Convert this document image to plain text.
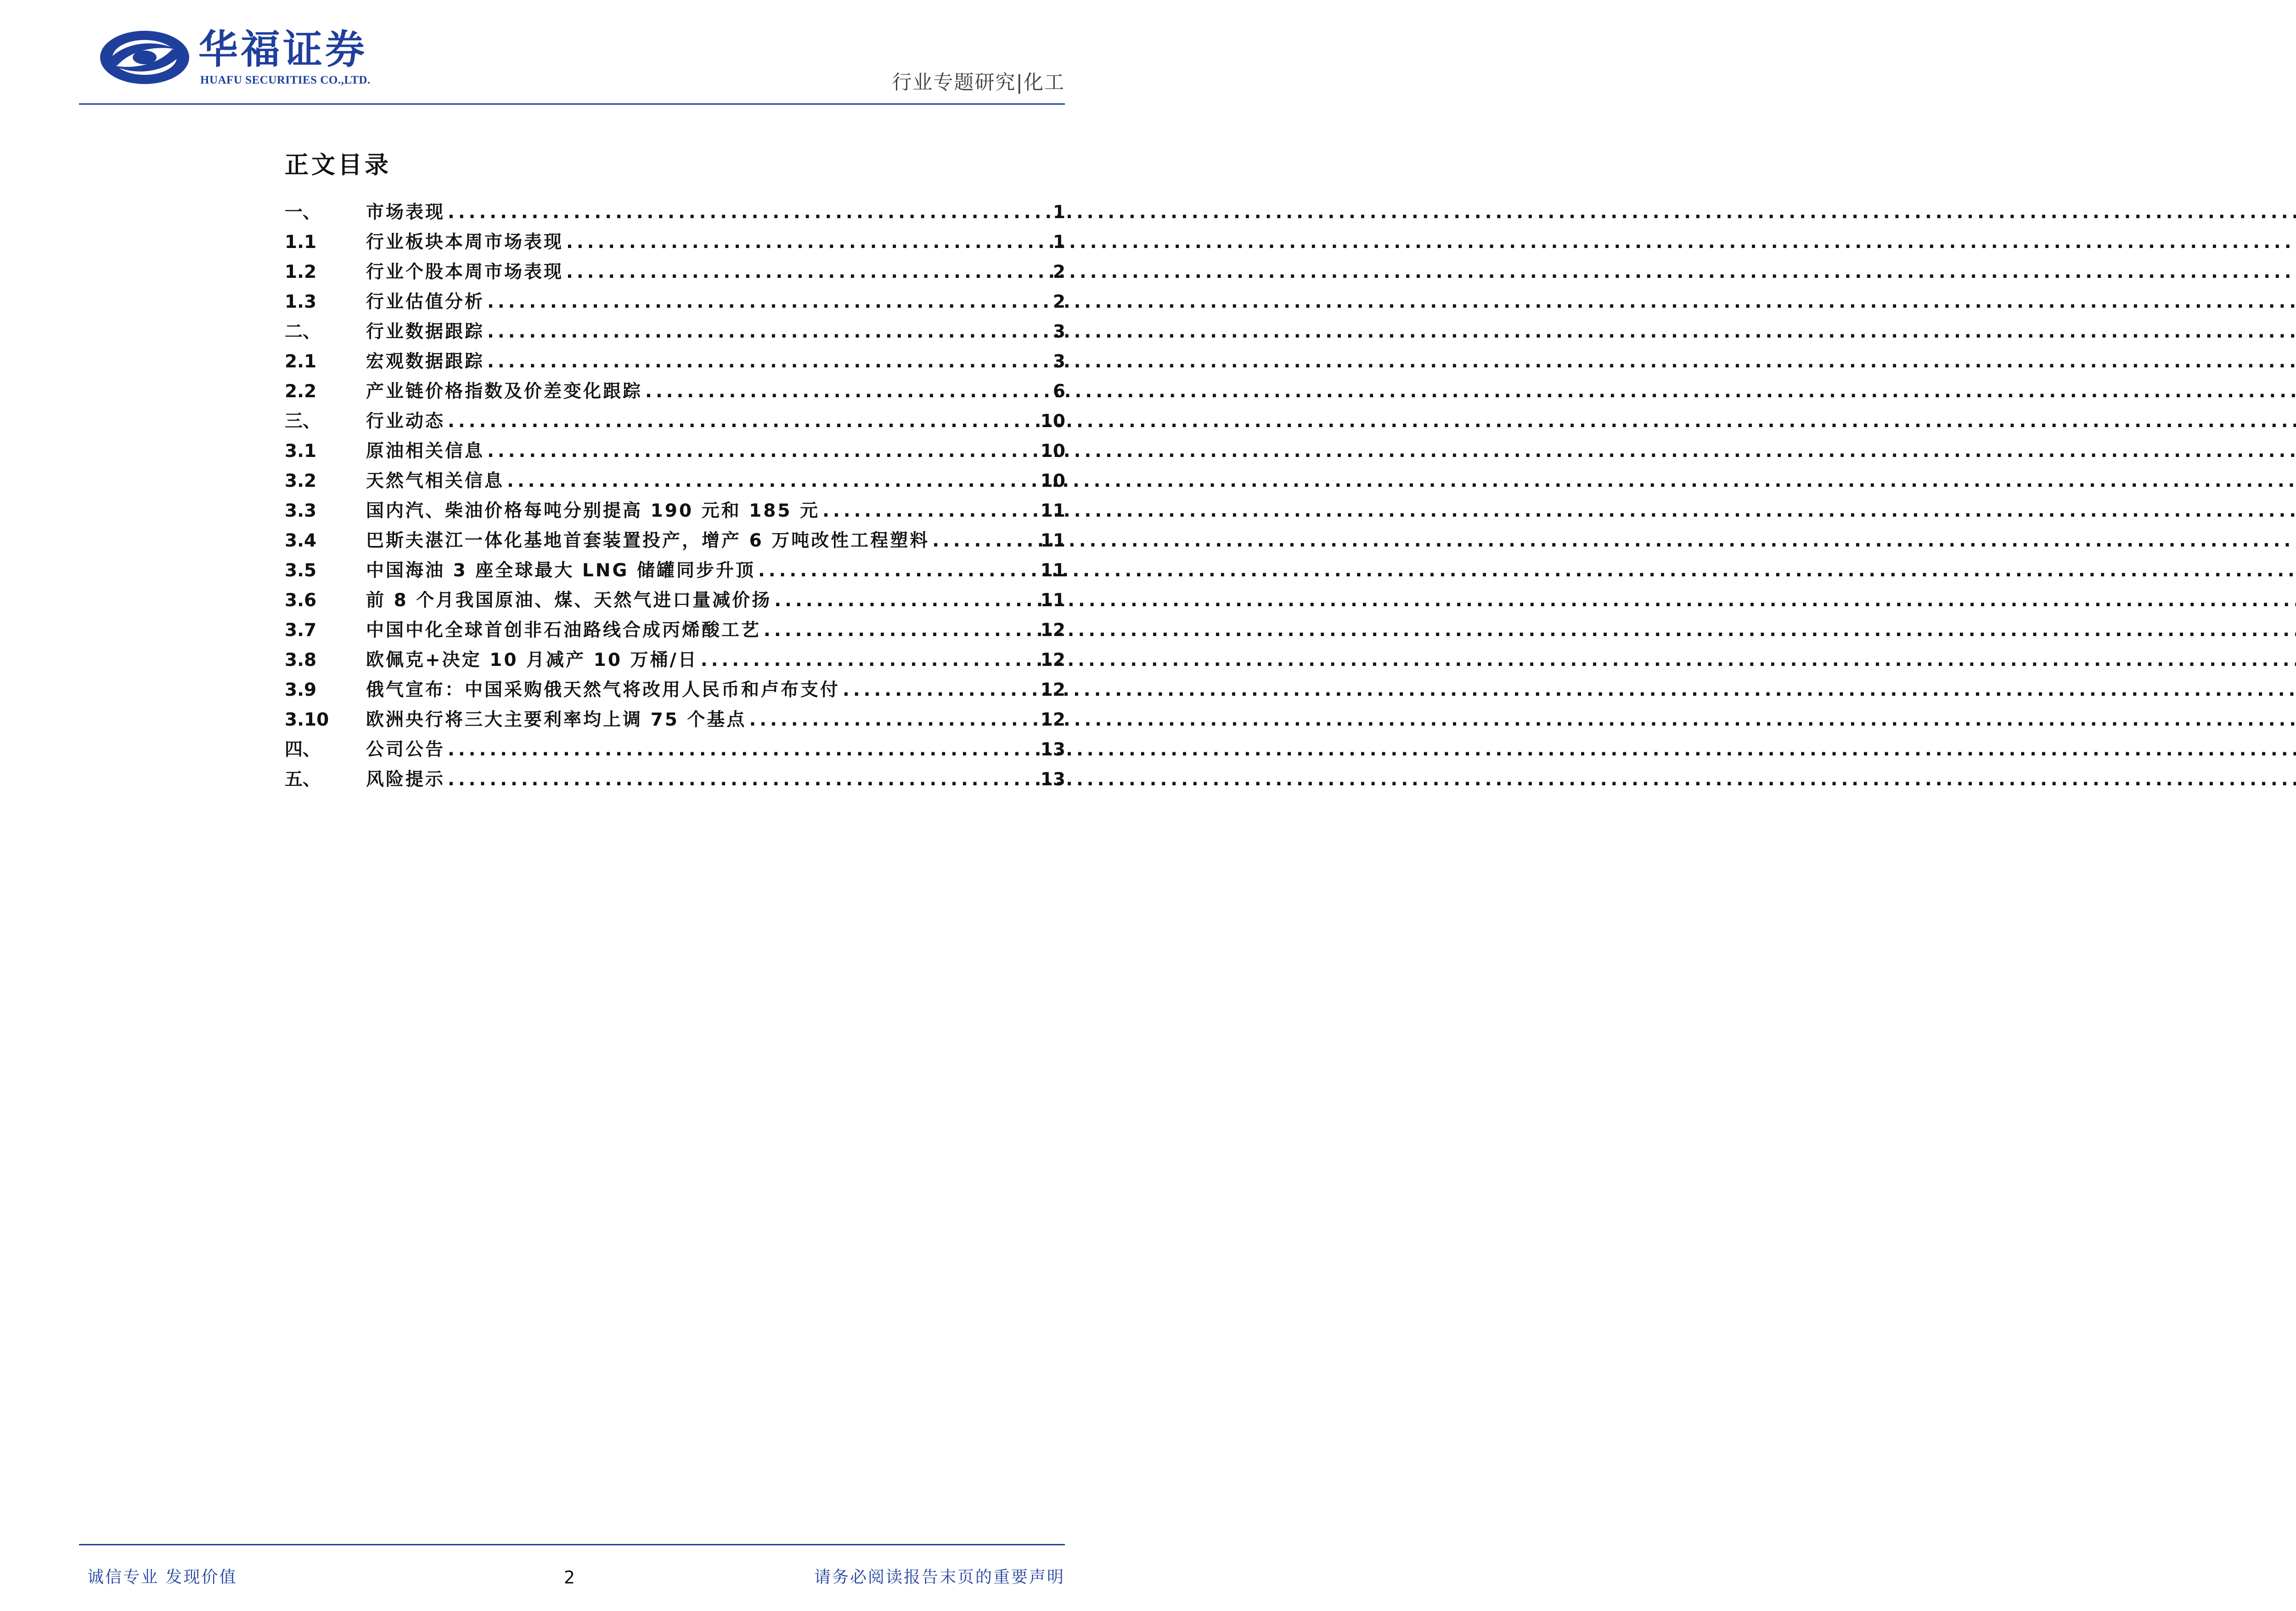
华福证券
HUAFU SECURITIES CO.,LTD.	行业专题研究|化工
正文目录
一、	市场表现 .....	1
1.1	行业板块本周市场表现 .....	1
1.2	行业个股本周市场表现 .....	2
1.3	行业估值分析 .....	2
二、	行业数据跟踪 .....	3
2.1	宏观数据跟踪 .....	3
2.2	产业链价格指数及价差变化跟踪 .....	6
三、	行业动态 .....	10
3.1	原油相关信息 .....	10
3.2	天然气相关信息 .....	10
3.3	国内汽、柴油价格每吨分别提高 190 元和 185 元 .....	11
3.4	巴斯夫湛江一体化基地首套装置投产，增产 6 万吨改性工程塑料 .....	11
3.5	中国海油 3 座全球最大 LNG 储罐同步升顶 .....	11
3.6	前 8 个月我国原油、煤、天然气进口量减价扬 .....	11
3.7	中国中化全球首创非石油路线合成丙烯酸工艺 .....	12
3.8	欧佩克+决定 10 月减产 10 万桶/日 .....	12
3.9	俄气宣布：中国采购俄天然气将改用人民币和卢布支付 .....	12
3.10	欧洲央行将三大主要利率均上调 75 个基点 .....	12
四、	公司公告 .....	13
五、	风险提示 .....	13
诚信专业 发现价值	2	请务必阅读报告末页的重要声明
